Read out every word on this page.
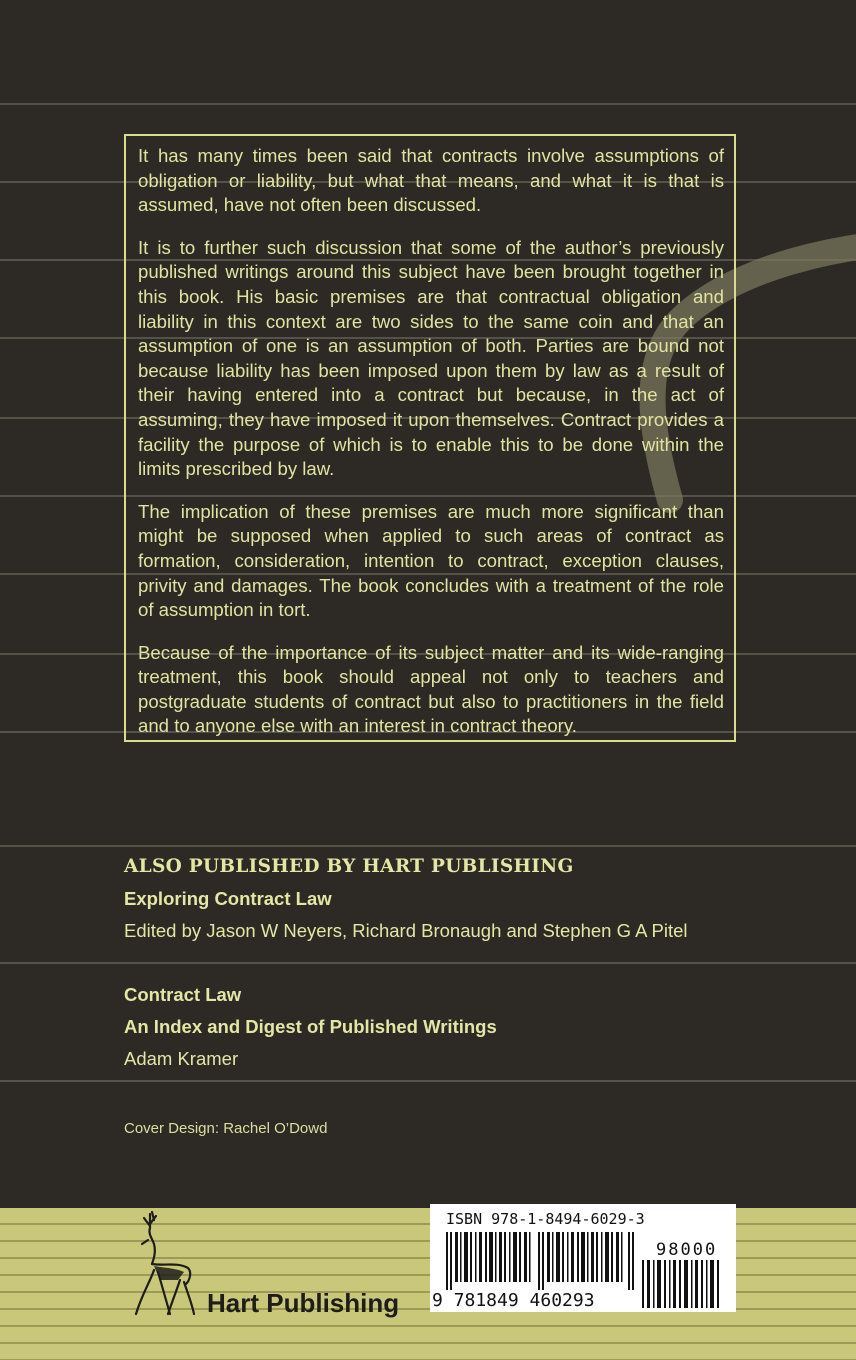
It has many times been said that contracts involve assumptions of obligation or liability, but what that means, and what it is that is assumed, have not often been discussed.

It is to further such discussion that some of the author’s previously published writings around this subject have been brought together in this book. His basic premises are that contractual obligation and liability in this context are two sides to the same coin and that an assumption of one is an assumption of both. Parties are bound not because liability has been imposed upon them by law as a result of their having entered into a contract but because, in the act of assuming, they have imposed it upon themselves. Contract provides a facility the purpose of which is to enable this to be done within the limits prescribed by law.

The implication of these premises are much more significant than might be supposed when applied to such areas of contract as formation, consideration, intention to contract, exception clauses, privity and damages. The book concludes with a treatment of the role of assumption in tort.

Because of the importance of its subject matter and its wide-ranging treatment, this book should appeal not only to teachers and postgraduate students of contract but also to practitioners in the field and to anyone else with an interest in contract theory.

ALSO PUBLISHED BY HART PUBLISHING
Exploring Contract Law
Edited by Jason W Neyers, Richard Bronaugh and Stephen G A Pitel
Contract Law
An Index and Digest of Published Writings
Adam Kramer
Cover Design: Rachel O’Dowd
Hart Publishing
ISBN 978-1-8494-6029-3
98000
9 781849 460293
